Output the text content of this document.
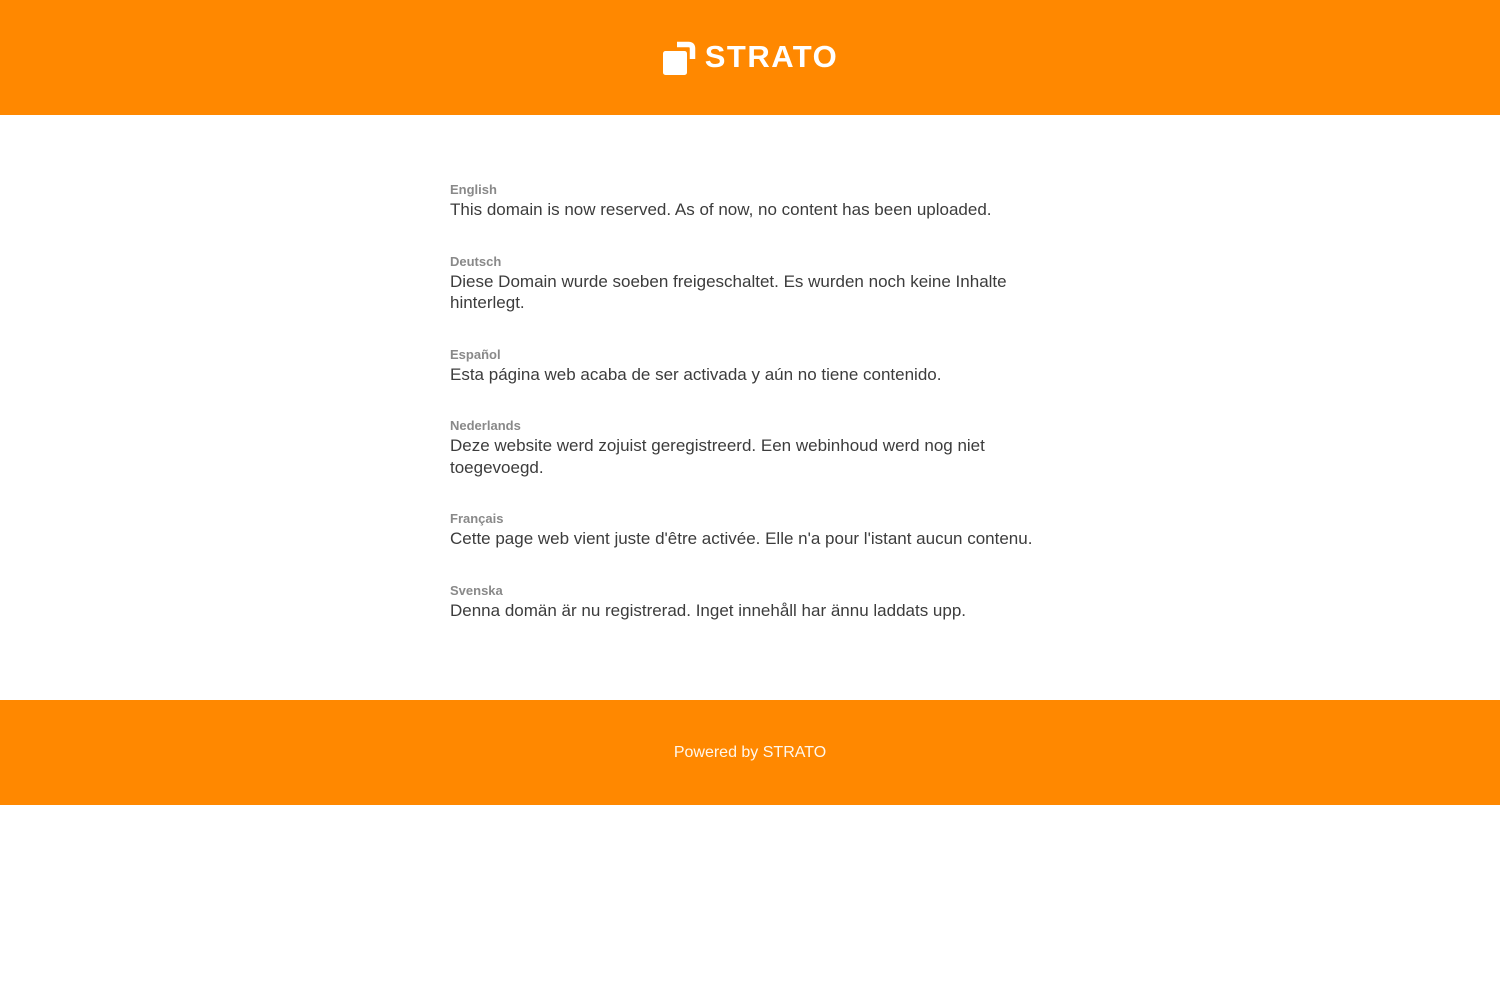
STRATO
English
This domain is now reserved. As of now, no content has been uploaded.
Deutsch
Diese Domain wurde soeben freigeschaltet. Es wurden noch keine Inhalte hinterlegt.
Español
Esta página web acaba de ser activada y aún no tiene contenido.
Nederlands
Deze website werd zojuist geregistreerd. Een webinhoud werd nog niet toegevoegd.
Français
Cette page web vient juste d'être activée. Elle n'a pour l'istant aucun contenu.
Svenska
Denna domän är nu registrerad. Inget innehåll har ännu laddats upp.
Powered by STRATO
